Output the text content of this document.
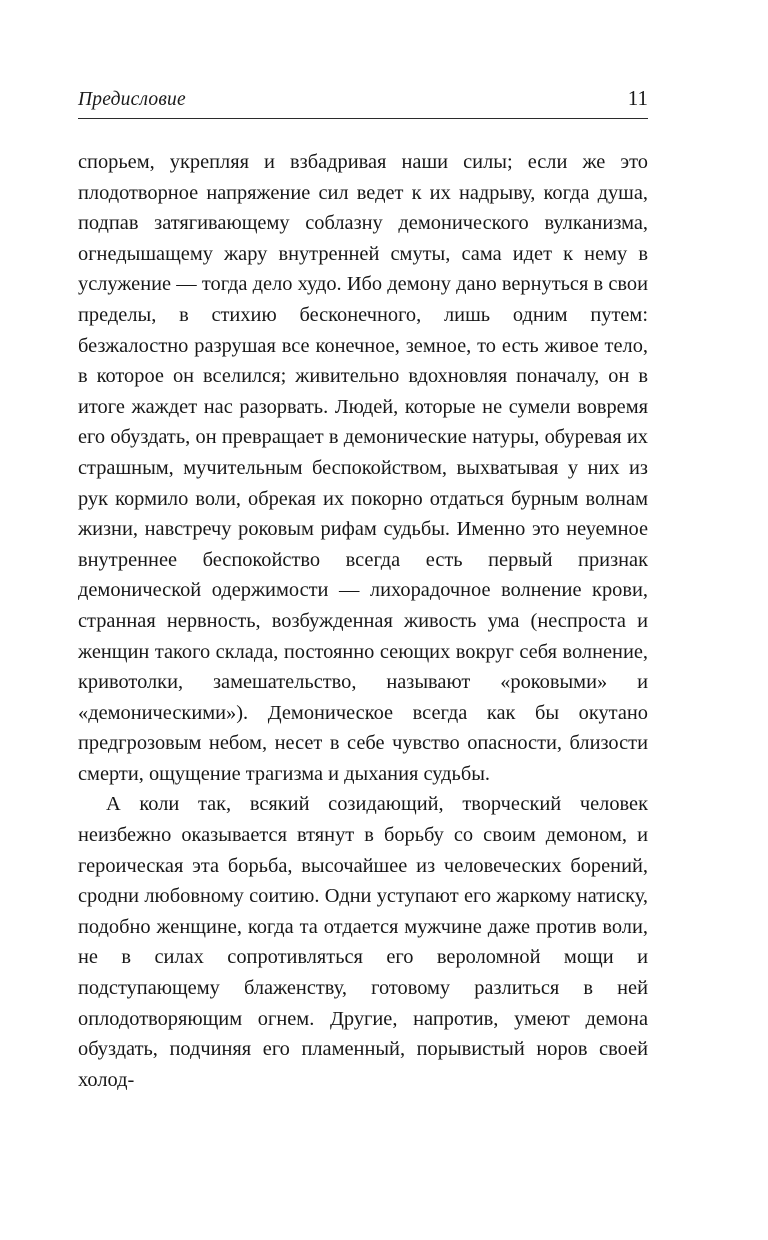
Предисловие	11

спорьем, укрепляя и взбадривая наши силы; если же это плодотворное напряжение сил ведет к их надрыву, когда душа, подпав затягивающему соблазну демонического вулканизма, огнедышащему жару внутренней смуты, сама идет к нему в услужение — тогда дело худо. Ибо демону дано вернуться в свои пределы, в стихию бесконечного, лишь одним путем: безжалостно разрушая все конечное, земное, то есть живое тело, в которое он вселился; живительно вдохновляя поначалу, он в итоге жаждет нас разорвать. Людей, которые не сумели вовремя его обуздать, он превращает в демонические натуры, обуревая их страшным, мучительным беспокойством, выхватывая у них из рук кормило воли, обрекая их покорно отдаться бурным волнам жизни, навстречу роковым рифам судьбы. Именно это неуемное внутреннее беспокойство всегда есть первый признак демонической одержимости — лихорадочное волнение крови, странная нервность, возбужденная живость ума (неспроста и женщин такого склада, постоянно сеющих вокруг себя волнение, кривотолки, замешательство, называют «роковыми» и «демоническими»). Демоническое всегда как бы окутано предгрозовым небом, несет в себе чувство опасности, близости смерти, ощущение трагизма и дыхания судьбы.

А коли так, всякий созидающий, творческий человек неизбежно оказывается втянут в борьбу со своим демоном, и героическая эта борьба, высочайшее из человеческих борений, сродни любовному соитию. Одни уступают его жаркому натиску, подобно женщине, когда та отдается мужчине даже против воли, не в силах сопротивляться его вероломной мощи и подступающему блаженству, готовому разлиться в ней оплодотворяющим огнем. Другие, напротив, умеют демона обуздать, подчиняя его пламенный, порывистый норов своей холод-
